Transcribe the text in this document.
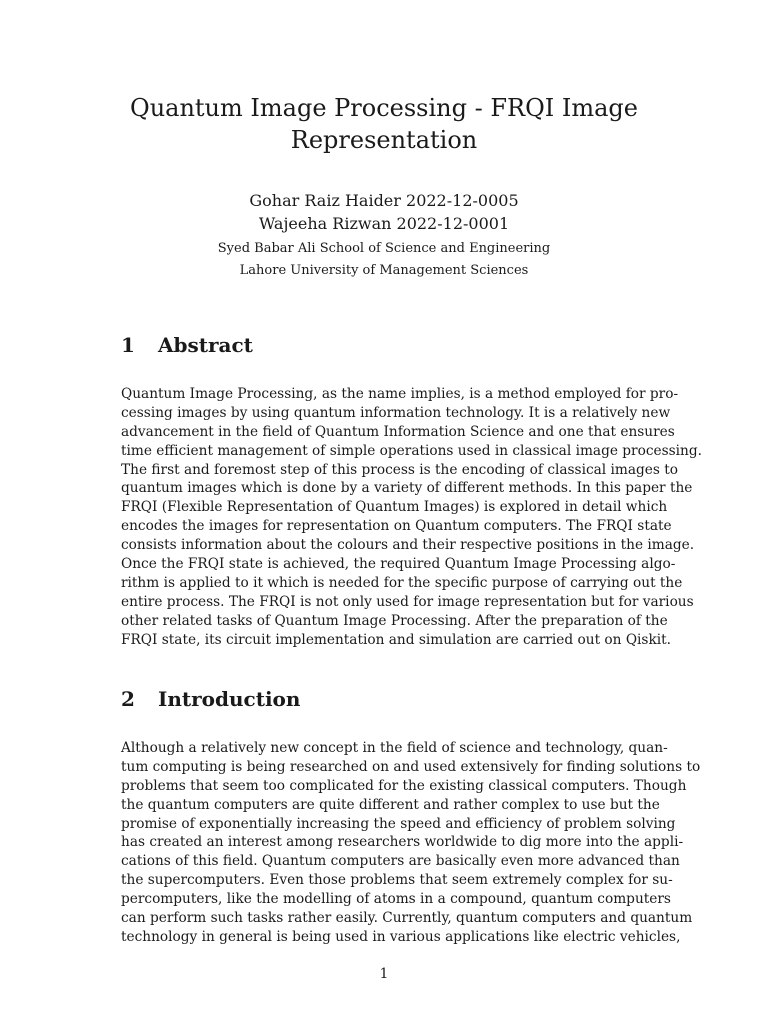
Quantum Image Processing - FRQI Image
Representation
Gohar Raiz Haider 2022-12-0005
Wajeeha Rizwan 2022-12-0001
Syed Babar Ali School of Science and Engineering
Lahore University of Management Sciences
1 Abstract
Quantum Image Processing, as the name implies, is a method employed for pro-
cessing images by using quantum information technology. It is a relatively new
advancement in the field of Quantum Information Science and one that ensures
time efficient management of simple operations used in classical image processing.
The first and foremost step of this process is the encoding of classical images to
quantum images which is done by a variety of different methods. In this paper the
FRQI (Flexible Representation of Quantum Images) is explored in detail which
encodes the images for representation on Quantum computers. The FRQI state
consists information about the colours and their respective positions in the image.
Once the FRQI state is achieved, the required Quantum Image Processing algo-
rithm is applied to it which is needed for the specific purpose of carrying out the
entire process. The FRQI is not only used for image representation but for various
other related tasks of Quantum Image Processing. After the preparation of the
FRQI state, its circuit implementation and simulation are carried out on Qiskit.
2 Introduction
Although a relatively new concept in the field of science and technology, quan-
tum computing is being researched on and used extensively for finding solutions to
problems that seem too complicated for the existing classical computers. Though
the quantum computers are quite different and rather complex to use but the
promise of exponentially increasing the speed and efficiency of problem solving
has created an interest among researchers worldwide to dig more into the appli-
cations of this field. Quantum computers are basically even more advanced than
the supercomputers. Even those problems that seem extremely complex for su-
percomputers, like the modelling of atoms in a compound, quantum computers
can perform such tasks rather easily. Currently, quantum computers and quantum
technology in general is being used in various applications like electric vehicles,
1
